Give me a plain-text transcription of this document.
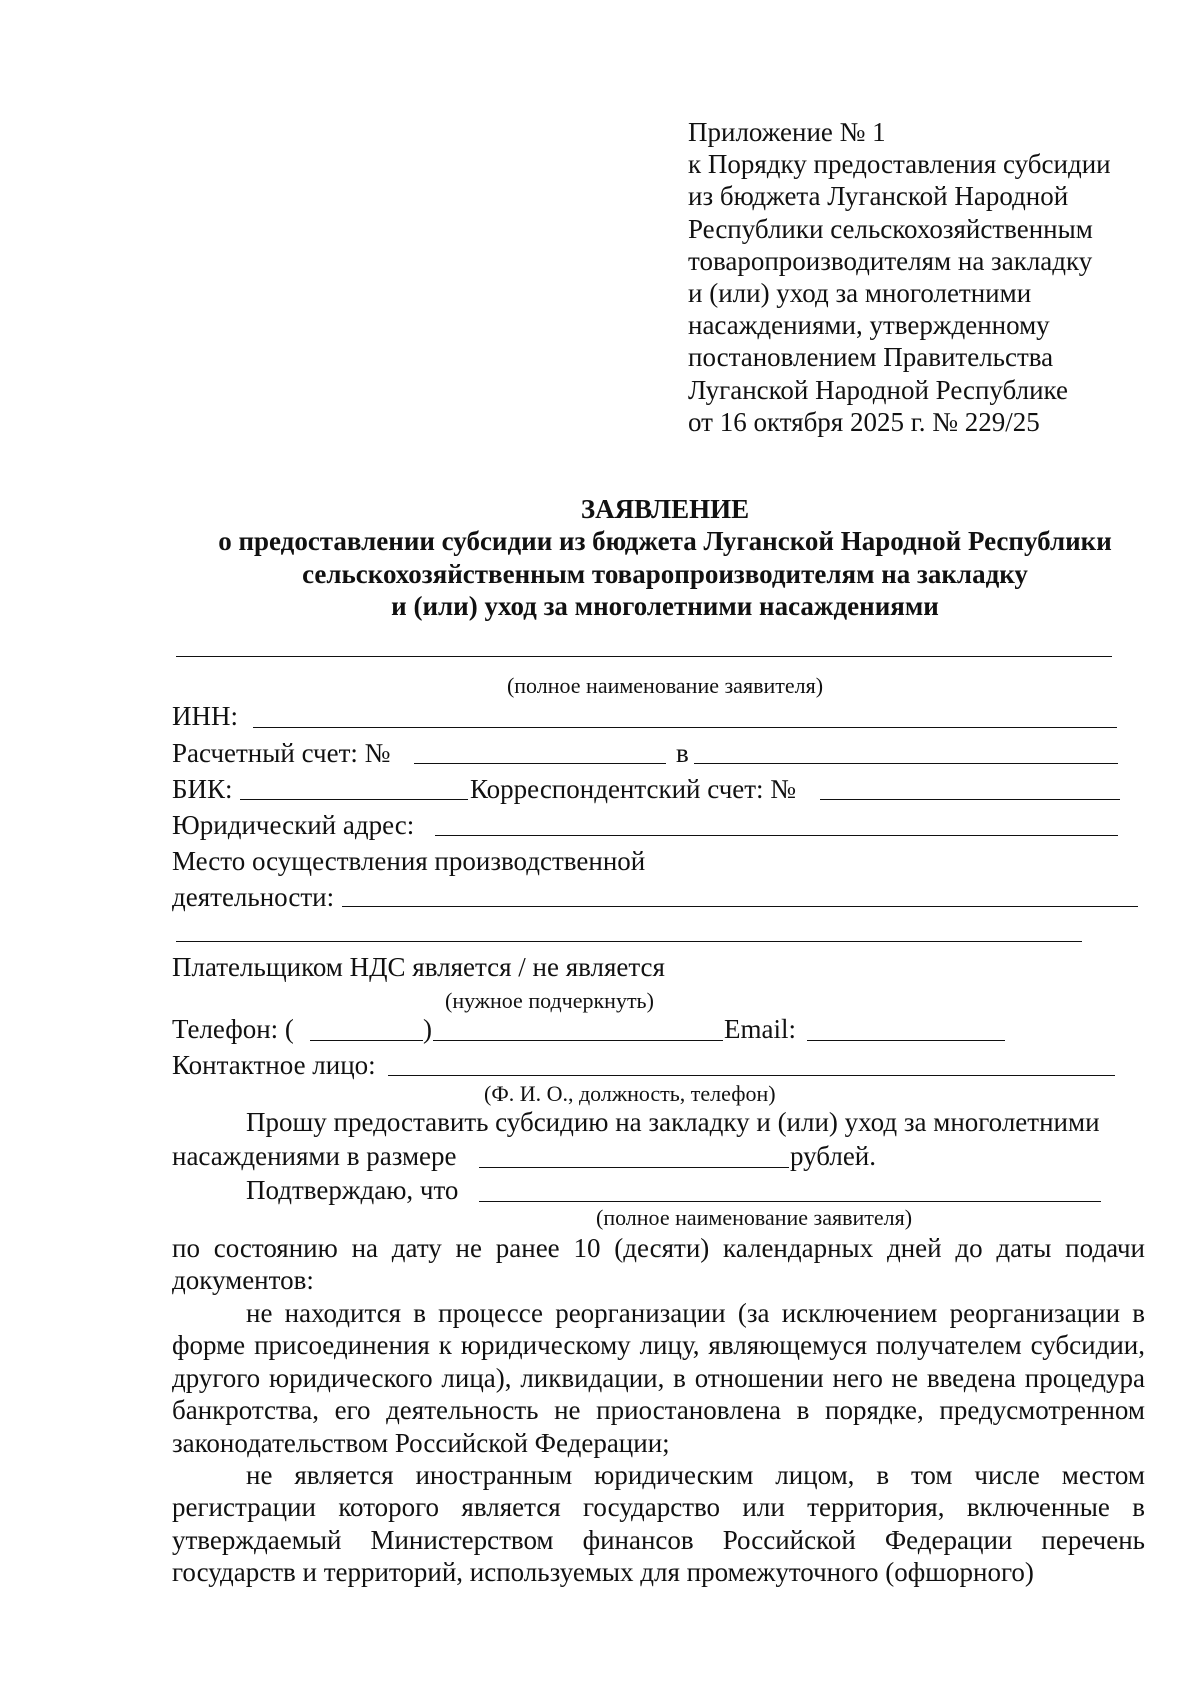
Приложение № 1
к Порядку предоставления субсидии
из бюджета Луганской Народной
Республики сельскохозяйственным
товаропроизводителям на закладку
и (или) уход за многолетними
насаждениями, утвержденному
постановлением Правительства
Луганской Народной Республике
от 16 октября 2025 г. № 229/25
ЗАЯВЛЕНИЕ
о предоставлении субсидии из бюджета Луганской Народной Республики
сельскохозяйственным товаропроизводителям на закладку
и (или) уход за многолетними насаждениями
(полное наименование заявителя)
ИНН:
Расчетный счет: №	в
БИК:	Корреспондентский счет: №
Юридический адрес:
Место осуществления производственной
деятельности:
Плательщиком НДС является / не является
(нужное подчеркнуть)
Телефон: (	)	Email:
Контактное лицо:
(Ф. И. О., должность, телефон)
Прошу предоставить субсидию на закладку и (или) уход за многолетними
насаждениями в размере	рублей.
Подтверждаю, что
(полное наименование заявителя)
по состоянию на дату не ранее 10 (десяти) календарных дней до даты подачи документов:
не находится в процессе реорганизации (за исключением реорганизации в форме присоединения к юридическому лицу, являющемуся получателем субсидии, другого юридического лица), ликвидации, в отношении него не введена процедура банкротства, его деятельность не приостановлена в порядке, предусмотренном законодательством Российской Федерации;
не является иностранным юридическим лицом, в том числе местом регистрации которого является государство или территория, включенные в утверждаемый Министерством финансов Российской Федерации перечень государств и территорий, используемых для промежуточного (офшорного)
